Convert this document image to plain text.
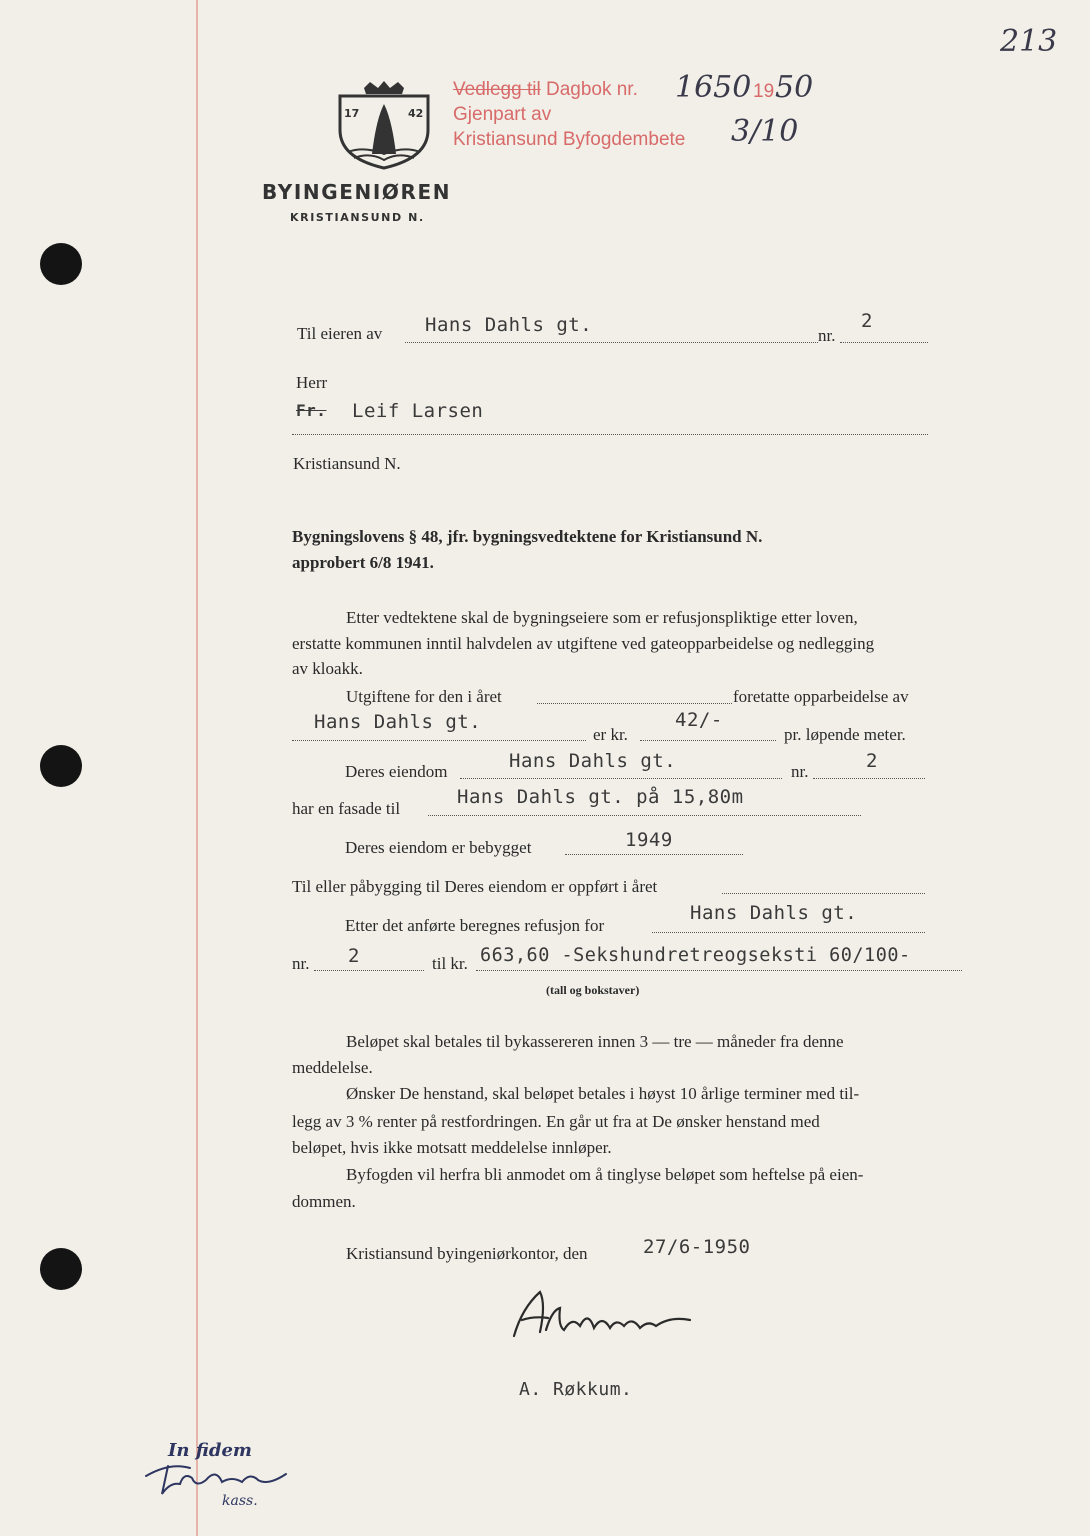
213
Vedlegg til Dagbok nr. 1650 19 50
Gjenpart av
Kristiansund Byfogdembete 3/10
17	42
BYINGENIØREN
KRISTIANSUND N.
Til eieren av Hans Dahls gt.	nr.
2
Herr
Fr. Leif Larsen
Kristiansund N.
Bygningslovens § 48, jfr. bygningsvedtektene for Kristiansund N.
approbert 6/8 1941.
Etter vedtektene skal de bygningseiere som er refusjonspliktige etter loven,
erstatte kommunen inntil halvdelen av utgiftene ved gateopparbeidelse og nedlegging
av kloakk.
Utgiftene for den i året	foretatte opparbeidelse av
Hans Dahls gt.
er kr.
42/-
pr. løpende meter.
Deres eiendom	Hans Dahls gt.	nr.	2
har en fasade til
Hans Dahls gt. på 15,80m
Deres eiendom er bebygget	1949
Til eller påbygging til Deres eiendom er oppført i året
Etter det anførte beregnes refusjon for
Hans Dahls gt.
nr. 2	til kr. 663,60 -Sekshundretreogseksti 60/100-
(tall og bokstaver)
Beløpet skal betales til bykassereren innen 3 — tre — måneder fra denne
meddelelse.
Ønsker De henstand, skal beløpet betales i høyst 10 årlige terminer med til-
legg av 3 % renter på restfordringen. En går ut fra at De ønsker henstand med
beløpet, hvis ikke motsatt meddelelse innløper.
Byfogden vil herfra bli anmodet om å tinglyse beløpet som heftelse på eien-
dommen.
Kristiansund byingeniørkontor, den	27/6-1950
A. Røkkum.
In fidem
kass.
